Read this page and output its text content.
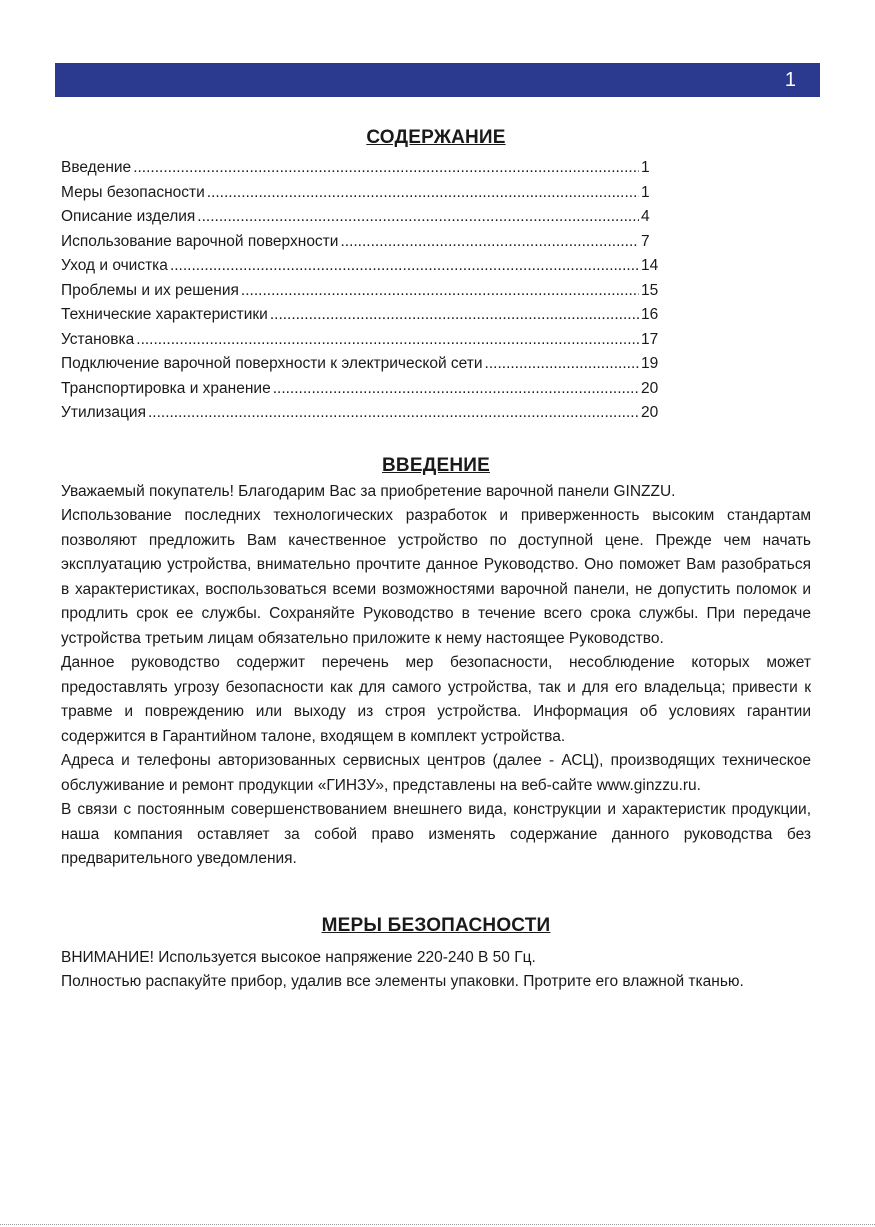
1
СОДЕРЖАНИЕ
Введение .....	1
Меры безопасности .....	1
Описание изделия .....	4
Использование варочной поверхности .....	7
Уход и очистка .....	14
Проблемы и их решения .....	15
Технические характеристики .....	16
Установка .....	17
Подключение варочной поверхности к электрической сети .....	19
Транспортировка и хранение .....	20
Утилизация .....	20
ВВЕДЕНИЕ

Уважаемый покупатель! Благодарим Вас за приобретение варочной панели GINZZU.

Использование последних технологических разработок и приверженность высоким стандартам позволяют предложить Вам качественное устройство по доступной цене. Прежде чем начать эксплуатацию устройства, внимательно прочтите данное Руководство. Оно поможет Вам разобраться в характеристиках, воспользоваться всеми возможностями варочной панели, не допустить поломок и продлить срок ее службы. Сохраняйте Руководство в течение всего срока службы. При передаче устройства третьим лицам обязательно приложите к нему настоящее Руководство.

Данное руководство содержит перечень мер безопасности, несоблюдение которых может предоставлять угрозу безопасности как для самого устройства, так и для его владельца; привести к травме и повреждению или выходу из строя устройства. Информация об условиях гарантии содержится в Гарантийном талоне, входящем в комплект устройства.

Адреса и телефоны авторизованных сервисных центров (далее - АСЦ), производящих техническое обслуживание и ремонт продукции «ГИНЗУ», представлены на веб-сайте www.ginzzu.ru.

В связи с постоянным совершенствованием внешнего вида, конструкции и характеристик продукции, наша компания оставляет за собой право изменять содержание данного руководства без предварительного уведомления.

МЕРЫ БЕЗОПАСНОСТИ

ВНИМАНИЕ! Используется высокое напряжение 220-240 В 50 Гц.

Полностью распакуйте прибор, удалив все элементы упаковки. Протрите его влажной тканью.
